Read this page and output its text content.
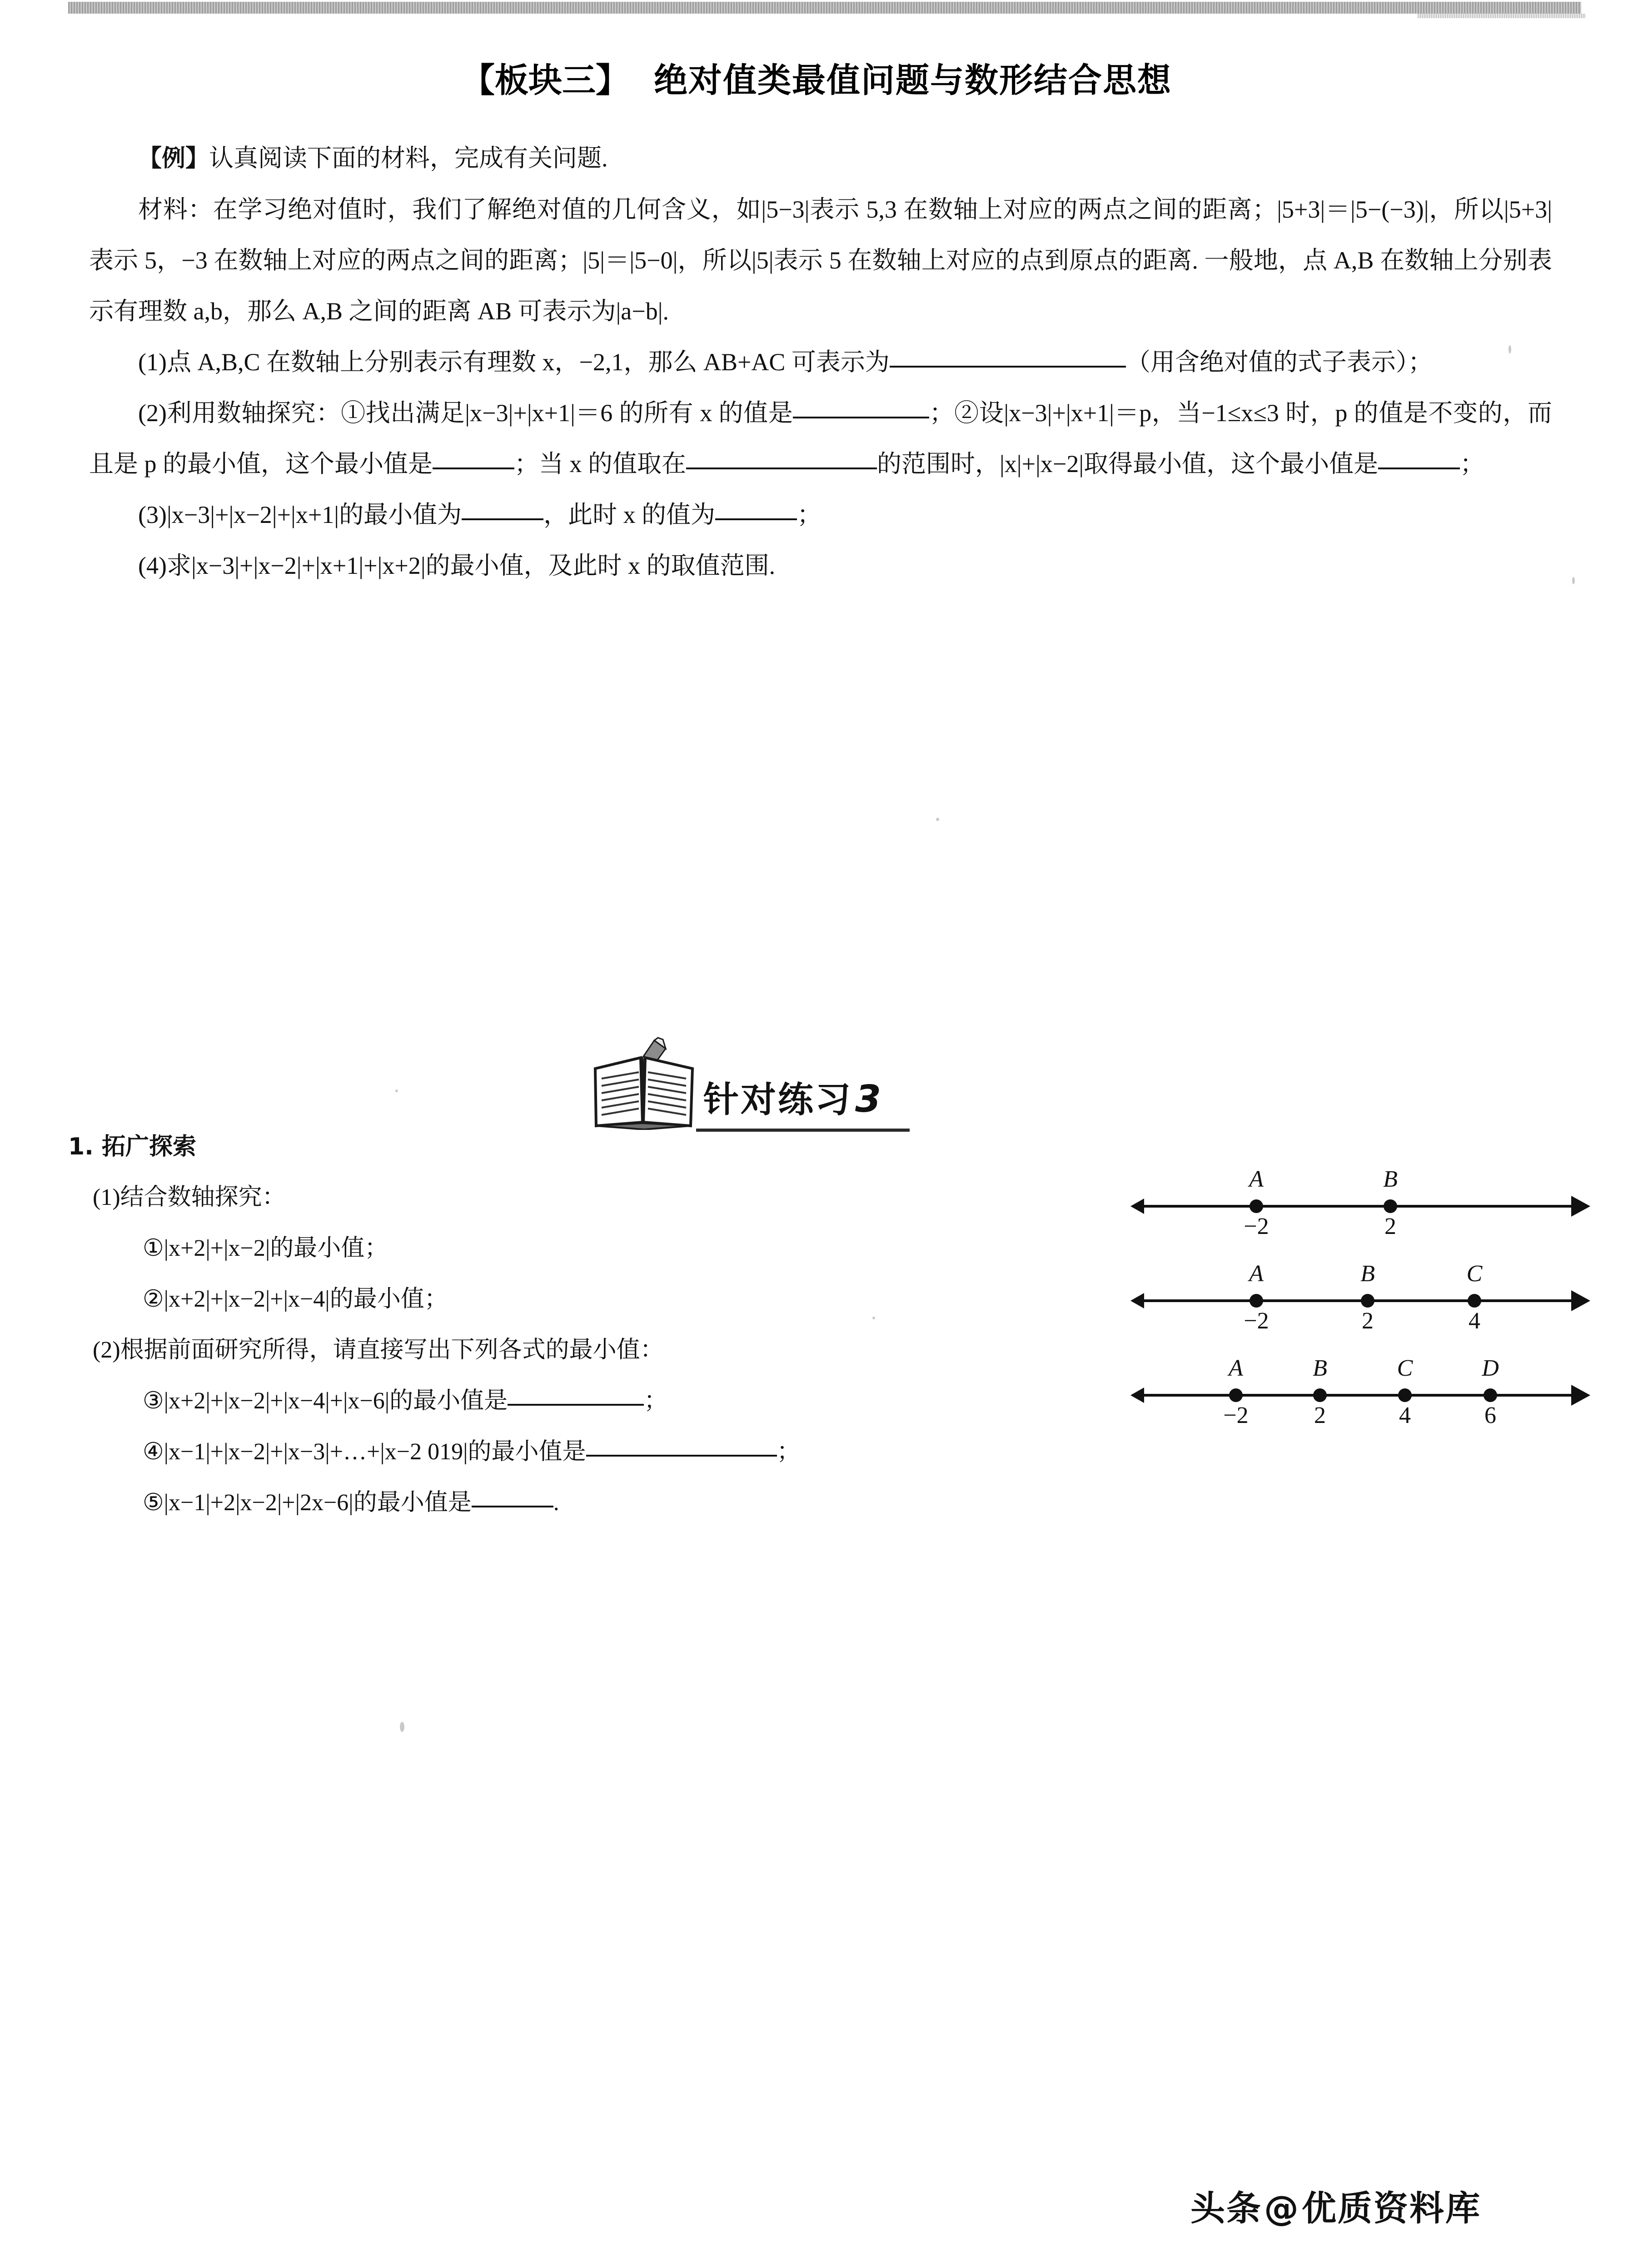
【板块三】 绝对值类最值问题与数形结合思想
【例】认真阅读下面的材料，完成有关问题.
材料：在学习绝对值时，我们了解绝对值的几何含义，如|5−3|表示 5,3 在数轴上对应的两点之间的距离；|5+3|＝|5−(−3)|，所以|5+3|表示 5，−3 在数轴上对应的两点之间的距离；|5|＝|5−0|，所以|5|表示 5 在数轴上对应的点到原点的距离. 一般地，点 A,B 在数轴上分别表示有理数 a,b，那么 A,B 之间的距离 AB 可表示为|a−b|.
(1)点 A,B,C 在数轴上分别表示有理数 x，−2,1，那么 AB+AC 可表示为	（用含绝对值的式子表示）；
(2)利用数轴探究：①找出满足|x−3|+|x+1|＝6 的所有 x 的值是	；②设|x−3|+|x+1|＝p，当−1≤x≤3 时，p 的值是不变的，而且是 p 的最小值，这个最小值是	；当 x 的值取在	的范围时，|x|+|x−2|取得最小值，这个最小值是	；
(3)|x−3|+|x−2|+|x+1|的最小值为	，此时 x 的值为	；
(4)求|x−3|+|x−2|+|x+1|+|x+2|的最小值，及此时 x 的取值范围.
针对练习3
1. 拓广探索
(1)结合数轴探究：
①|x+2|+|x−2|的最小值；
②|x+2|+|x−2|+|x−4|的最小值；
(2)根据前面研究所得，请直接写出下列各式的最小值：
③|x+2|+|x−2|+|x−4|+|x−6|的最小值是	；
④|x−1|+|x−2|+|x−3|+…+|x−2 019|的最小值是	；
⑤|x−1|+2|x−2|+|2x−6|的最小值是	.
A
−2
B
2
A
−2
B
2
C
4
A
−2
B
2
C
4
D
6
头条@优质资料库
